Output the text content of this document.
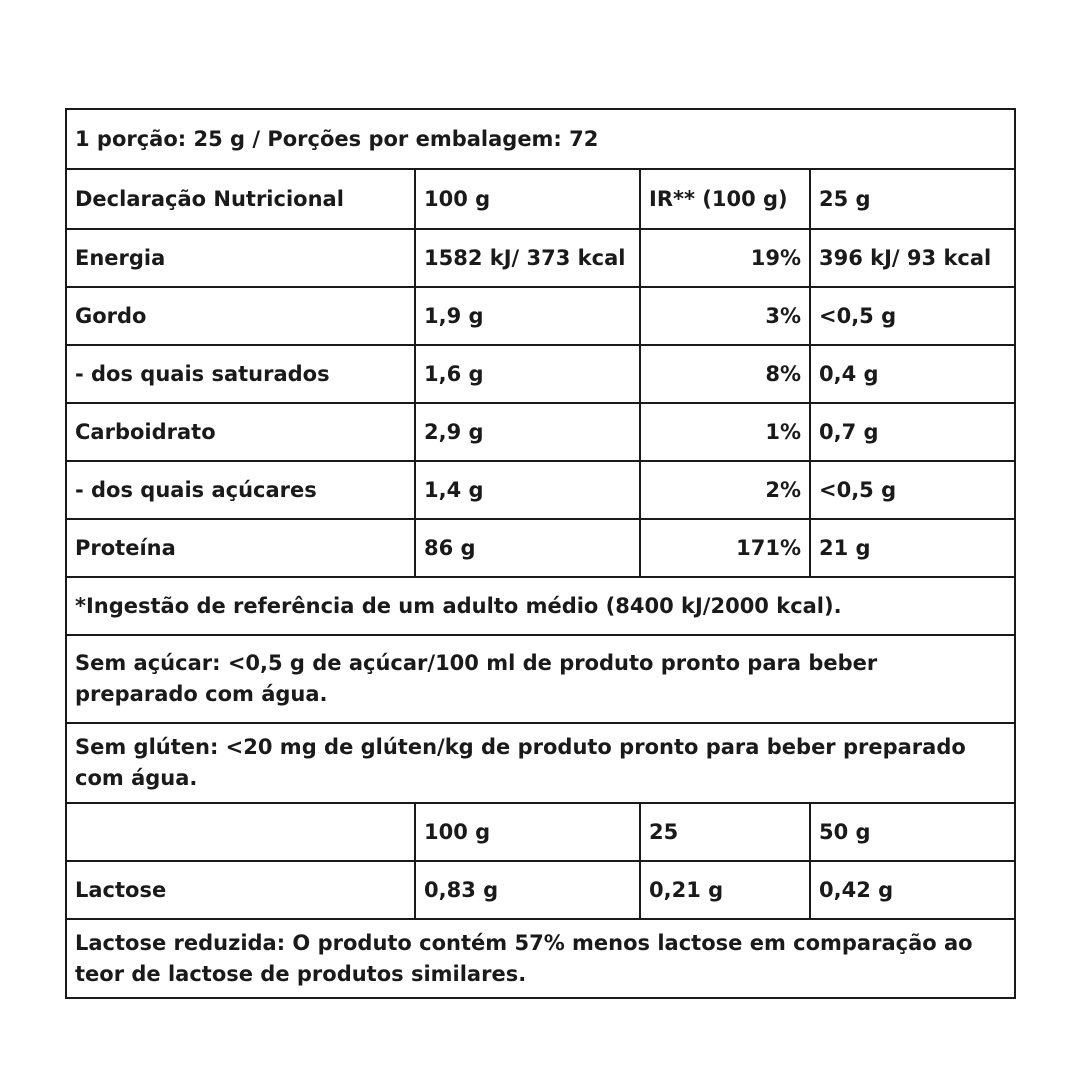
1 porção: 25 g / Porções por embalagem: 72			
Declaração Nutricional	100 g	IR** (100 g)	25 g
Energia	1582 kJ/ 373 kcal	19%	396 kJ/ 93 kcal
Gordo	1,9 g	3%	<0,5 g
- dos quais saturados	1,6 g	8%	0,4 g
Carboidrato	2,9 g	1%	0,7 g
- dos quais açúcares	1,4 g	2%	<0,5 g
Proteína	86 g	171%	21 g
*Ingestão de referência de um adulto médio (8400 kJ/2000 kcal).			
Sem açúcar: <0,5 g de açúcar/100 ml de produto pronto para beber preparado com água.			
Sem glúten: <20 mg de glúten/kg de produto pronto para beber preparado com água.			
	100 g	25	50 g
Lactose	0,83 g	0,21 g	0,42 g
Lactose reduzida: O produto contém 57% menos lactose em comparação ao teor de lactose de produtos similares.			
